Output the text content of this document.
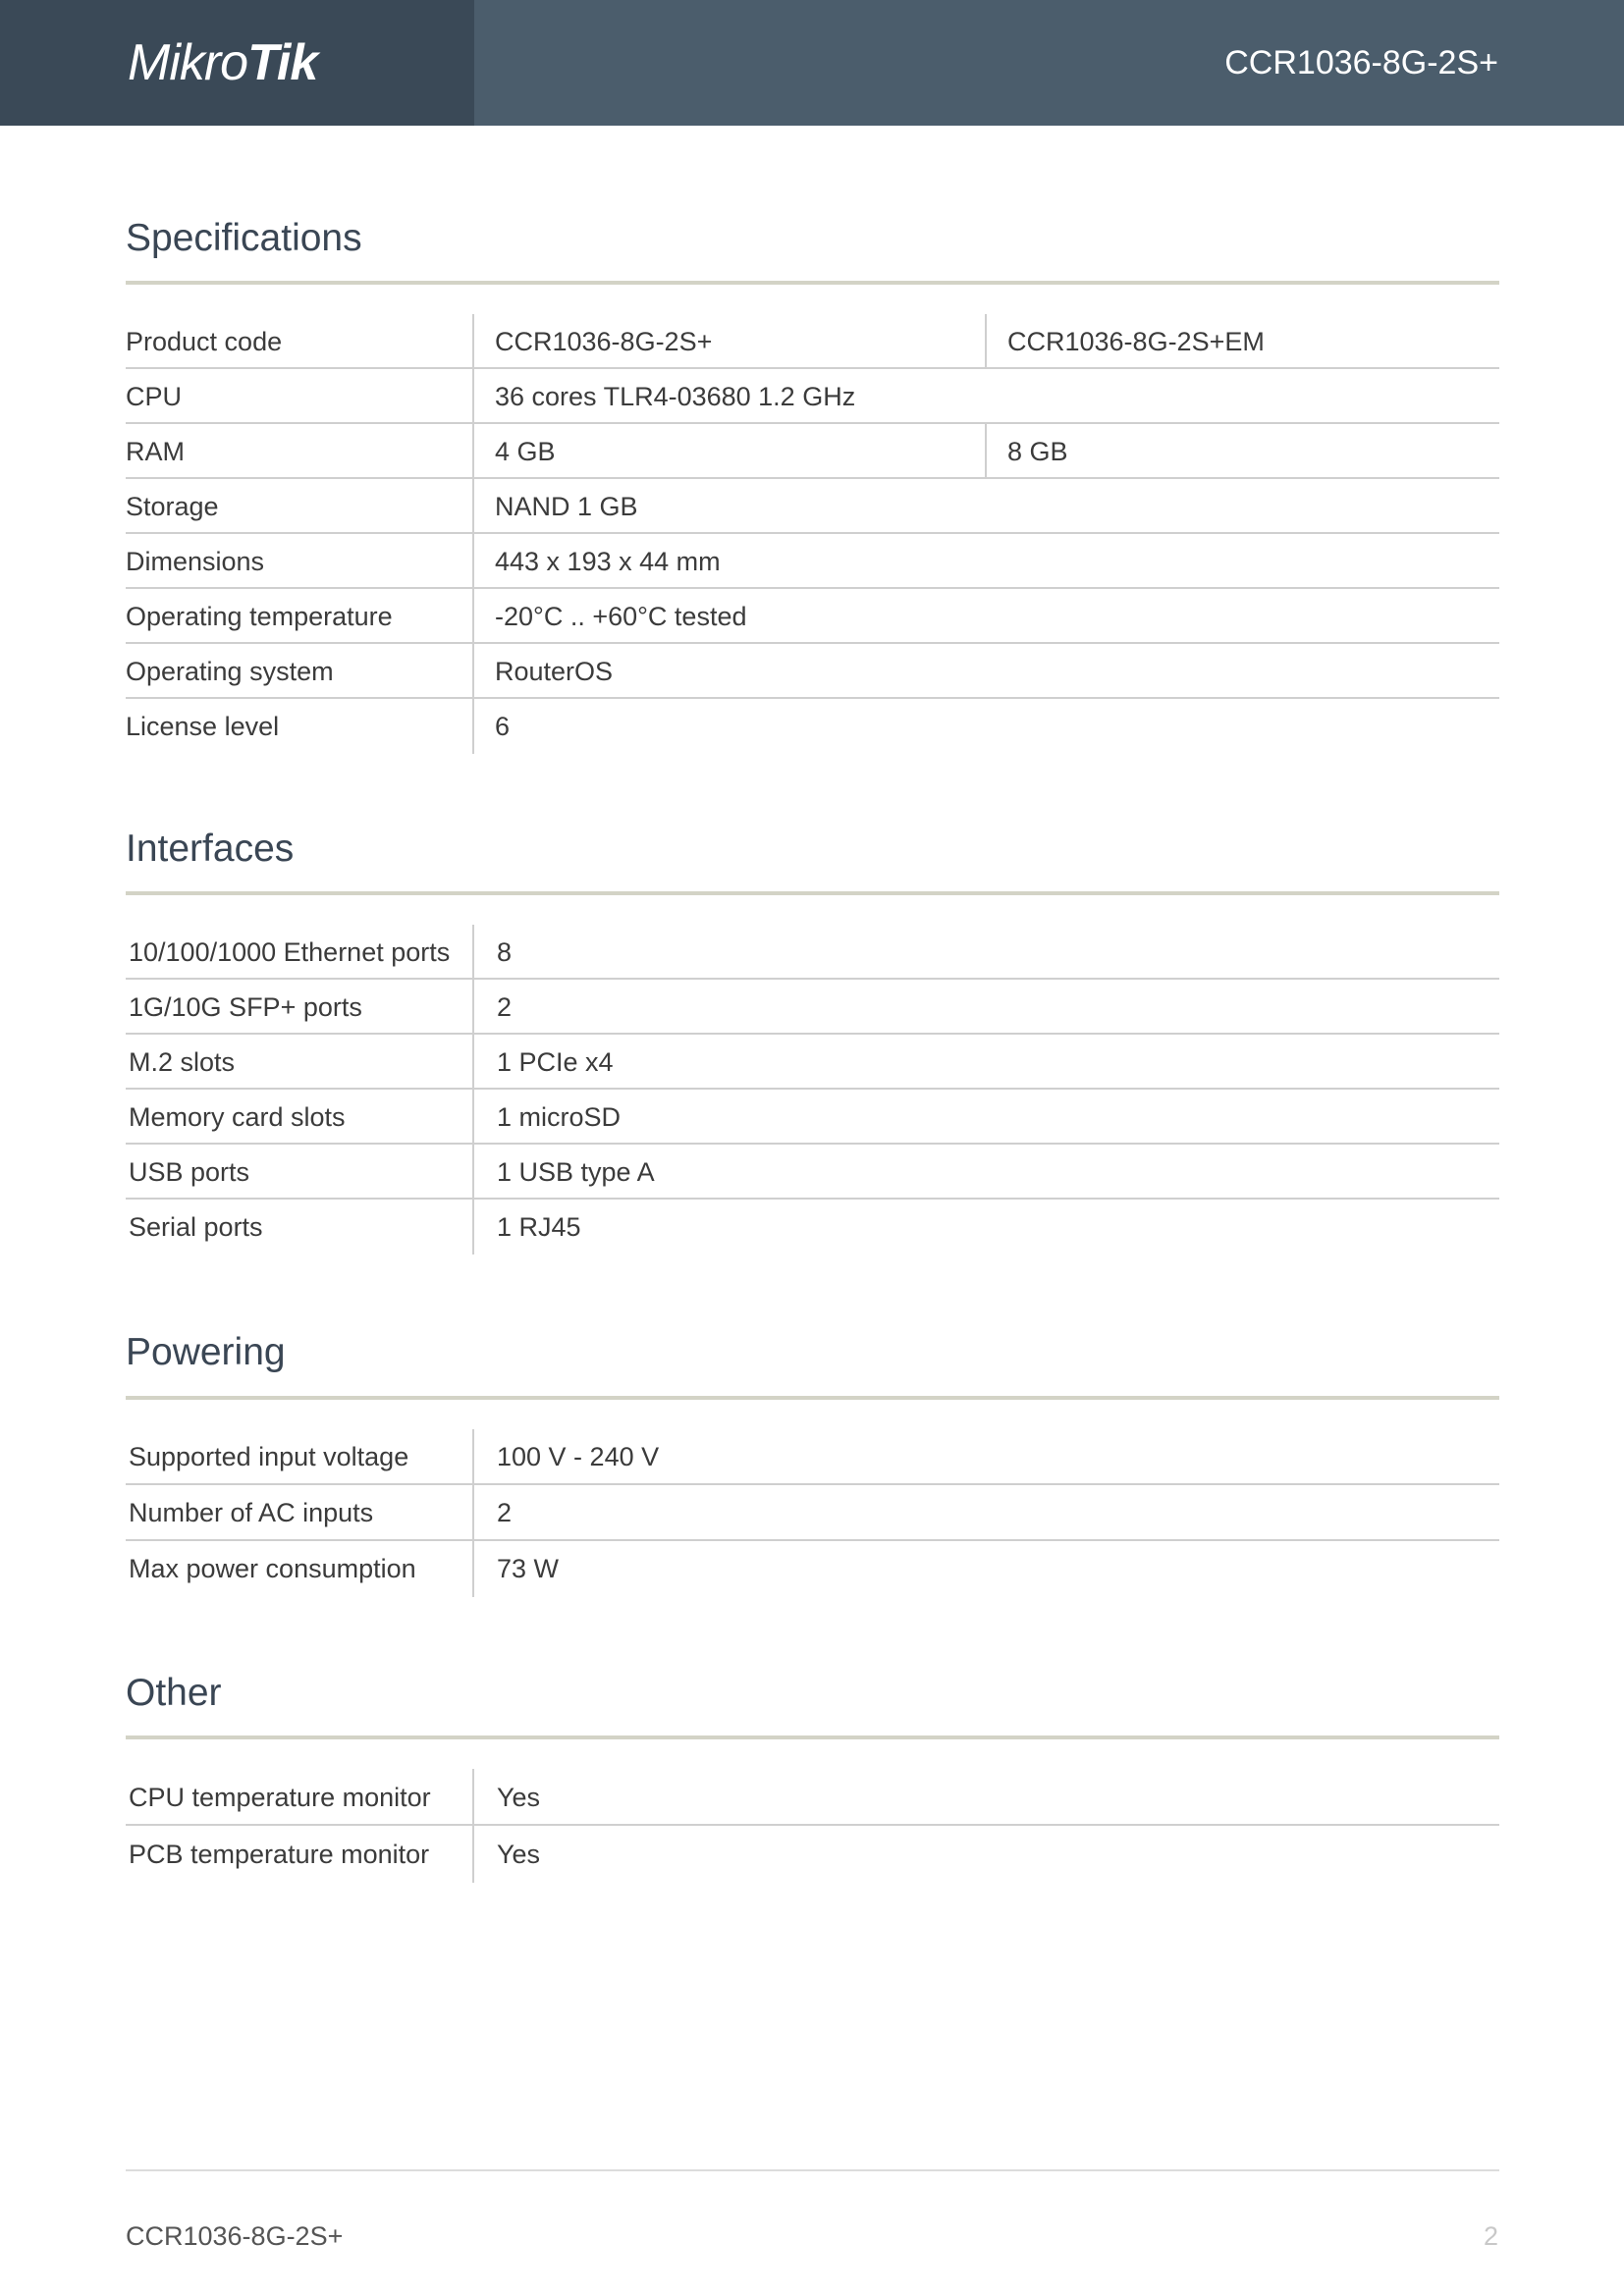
MikroTik	CCR1036-8G-2S+
Specifications
Product code	CCR1036-8G-2S+	CCR1036-8G-2S+EM
CPU	36 cores TLR4-03680 1.2 GHz
RAM	4 GB	8 GB
Storage	NAND 1 GB
Dimensions	443 x 193 x 44 mm
Operating temperature	-20°C .. +60°C tested
Operating system	RouterOS
License level	6
Interfaces
10/100/1000 Ethernet ports	8
1G/10G SFP+ ports	2
M.2 slots	1 PCIe x4
Memory card slots	1 microSD
USB ports	1 USB type A
Serial ports	1 RJ45
Powering
Supported input voltage	100 V - 240 V
Number of AC inputs	2
Max power consumption	73 W
Other
CPU temperature monitor	Yes
PCB temperature monitor	Yes
CCR1036-8G-2S+	2
